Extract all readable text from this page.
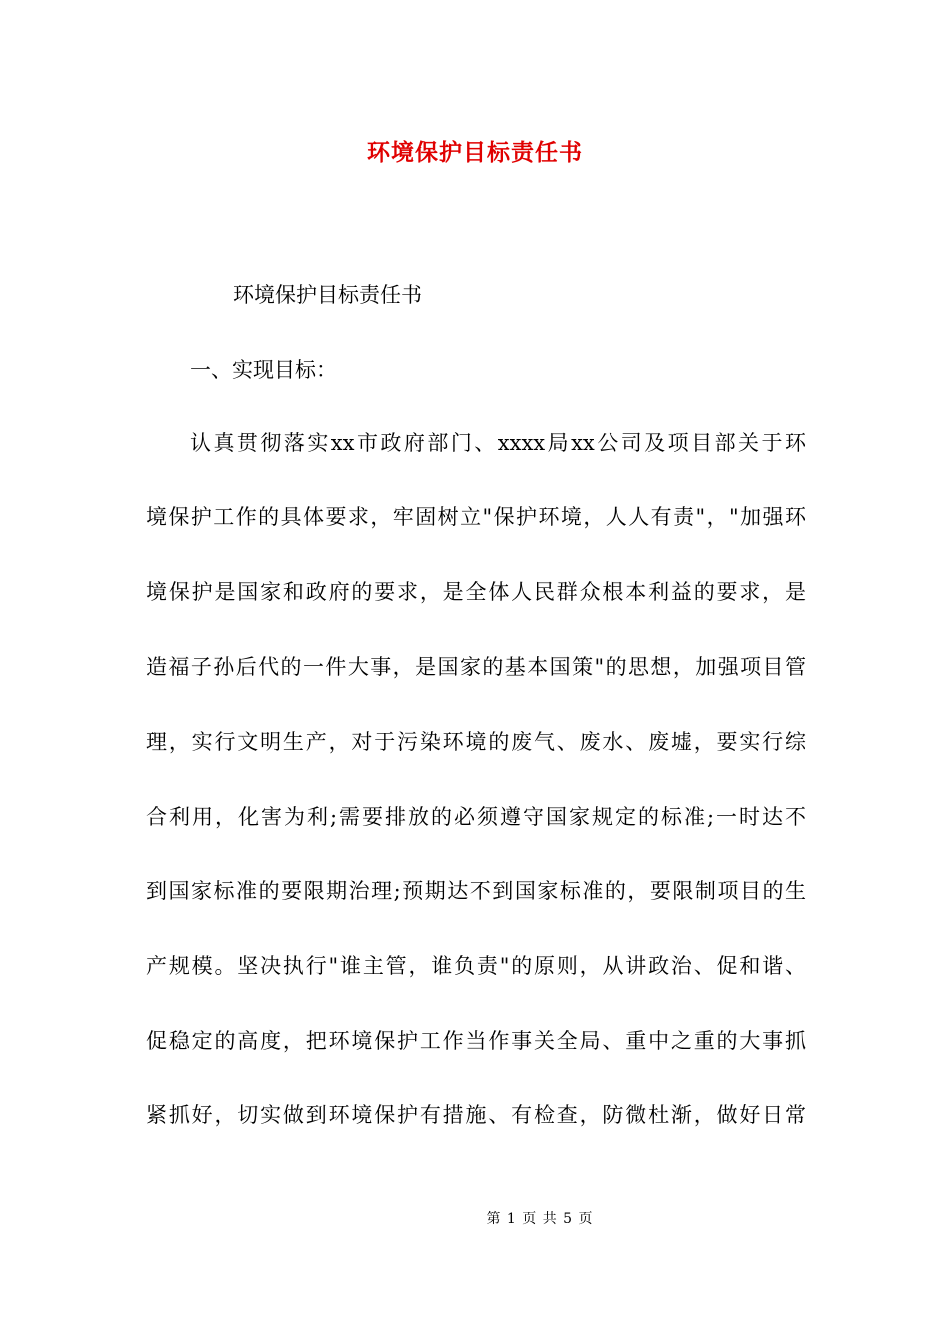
环境保护目标责任书
环境保护目标责任书
一、实现目标：
认真贯彻落实xx市政府部门、xxxx局xx公司及项目部关于环
境保护工作的具体要求，牢固树立"保护环境，人人有责"，"加强环
境保护是国家和政府的要求，是全体人民群众根本利益的要求，是
造福子孙后代的一件大事，是国家的基本国策"的思想，加强项目管
理，实行文明生产，对于污染环境的废气、废水、废墟，要实行综
合利用，化害为利;需要排放的必须遵守国家规定的标准;一时达不
到国家标准的要限期治理;预期达不到国家标准的，要限制项目的生
产规模。坚决执行"谁主管，谁负责"的原则，从讲政治、促和谐、
促稳定的高度，把环境保护工作当作事关全局、重中之重的大事抓
紧抓好，切实做到环境保护有措施、有检查，防微杜渐，做好日常
第 1 页 共 5 页
